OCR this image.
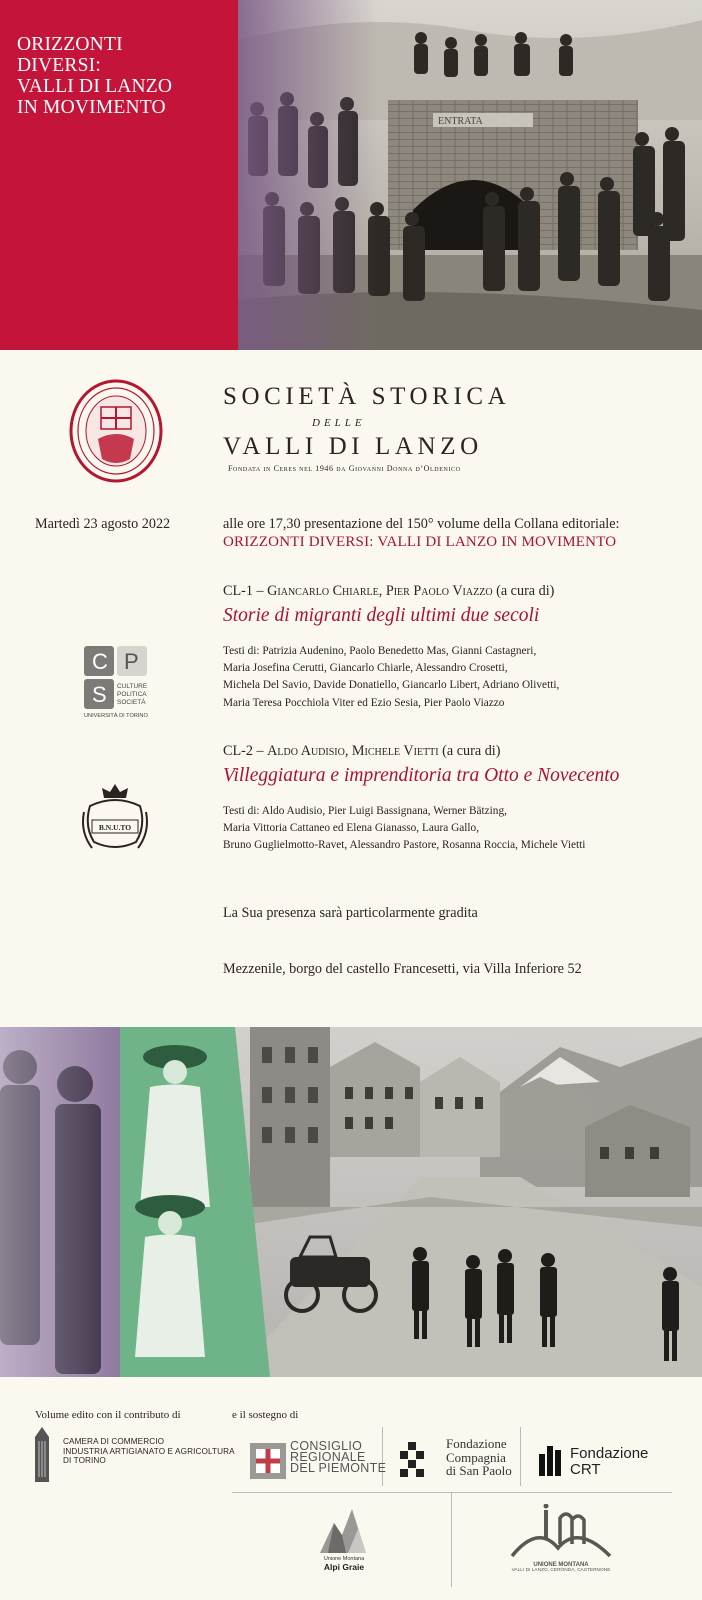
ORIZZONTI
DIVERSI:
VALLI DI LANZO
IN MOVIMENTO
ENTRATA
SOCIETÀ STORICA
DELLE
VALLI DI LANZO
Fondata in Ceres nel 1946 da Giovanni Donna d’Oldenico
Martedì 23 agosto 2022	alle ore 17,30 presentazione del 150° volume della Collana editoriale:
ORIZZONTI DIVERSI: VALLI DI LANZO IN MOVIMENTO
CL-1 – Giancarlo Chiarle, Pier Paolo Viazzo (a cura di)
Storie di migranti degli ultimi due secoli
Testi di: Patrizia Audenino, Paolo Benedetto Mas, Gianni Castagneri,
Maria Josefina Cerutti, Giancarlo Chiarle, Alessandro Crosetti,
Michela Del Savio, Davide Donatiello, Giancarlo Libert, Adriano Olivetti,
Maria Teresa Pocchiola Viter ed Ezio Sesia, Pier Paolo Viazzo
C P
S CULTURE
POLITICA
SOCIETÀ
UNIVERSITÀ DI TORINO
CL-2 – Aldo Audisio, Michele Vietti (a cura di)
Villeggiatura e imprenditoria tra Otto e Novecento
Testi di: Aldo Audisio, Pier Luigi Bassignana, Werner Bätzing,
Maria Vittoria Cattaneo ed Elena Gianasso, Laura Gallo,
Bruno Guglielmotto-Ravet, Alessandro Pastore, Rosanna Roccia, Michele Vietti
B.N.U.TO
La Sua presenza sarà particolarmente gradita
Mezzenile, borgo del castello Francesetti, via Villa Inferiore 52
Volume edito con il contributo di	e il sostegno di
CAMERA DI COMMERCIO
INDUSTRIA ARTIGIANATO E AGRICOLTURA
DI TORINO
CONSIGLIO
REGIONALE
DEL PIEMONTE
Fondazione
Compagnia
di San Paolo
Fondazione
CRT
Unione Montana
Alpi Graie	UNIONE MONTANA
VALLI DI LANZO, CERONDA, CASTERNONE
